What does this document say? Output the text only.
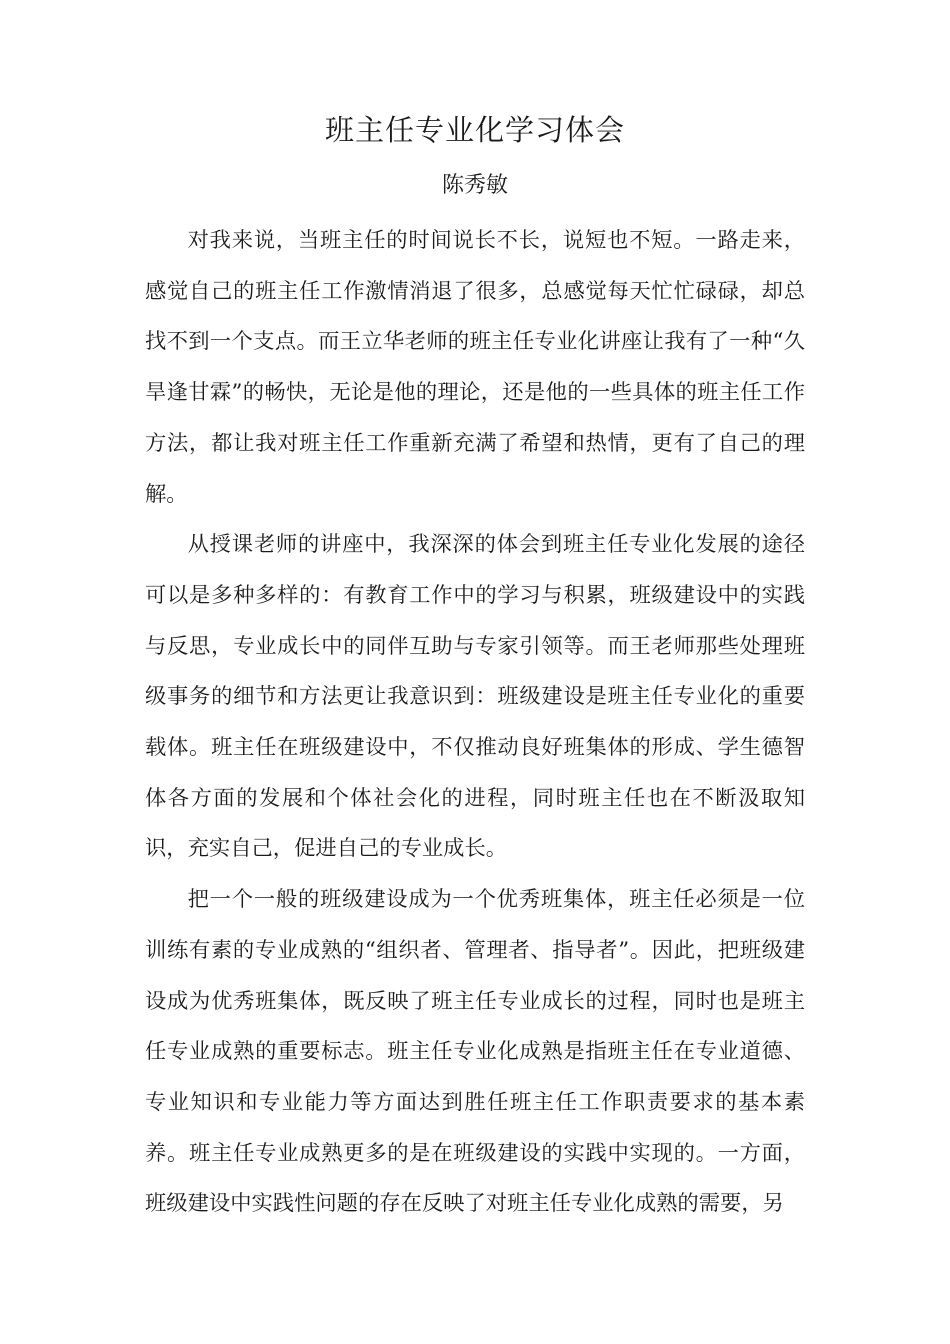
班主任专业化学习体会
陈秀敏

对我来说，当班主任的时间说长不长，说短也不短。一路走来，感觉自己的班主任工作激情消退了很多，总感觉每天忙忙碌碌，却总找不到一个支点。而王立华老师的班主任专业化讲座让我有了一种“久旱逢甘霖”的畅快，无论是他的理论，还是他的一些具体的班主任工作方法，都让我对班主任工作重新充满了希望和热情，更有了自己的理解。

从授课老师的讲座中，我深深的体会到班主任专业化发展的途径可以是多种多样的：有教育工作中的学习与积累，班级建设中的实践与反思，专业成长中的同伴互助与专家引领等。而王老师那些处理班级事务的细节和方法更让我意识到：班级建设是班主任专业化的重要载体。班主任在班级建设中，不仅推动良好班集体的形成、学生德智体各方面的发展和个体社会化的进程，同时班主任也在不断汲取知识，充实自己，促进自己的专业成长。

把一个一般的班级建设成为一个优秀班集体，班主任必须是一位训练有素的专业成熟的“组织者、管理者、指导者”。因此，把班级建设成为优秀班集体，既反映了班主任专业成长的过程，同时也是班主任专业成熟的重要标志。班主任专业化成熟是指班主任在专业道德、专业知识和专业能力等方面达到胜任班主任工作职责要求的基本素养。班主任专业成熟更多的是在班级建设的实践中实现的。一方面，班级建设中实践性问题的存在反映了对班主任专业化成熟的需要，另
